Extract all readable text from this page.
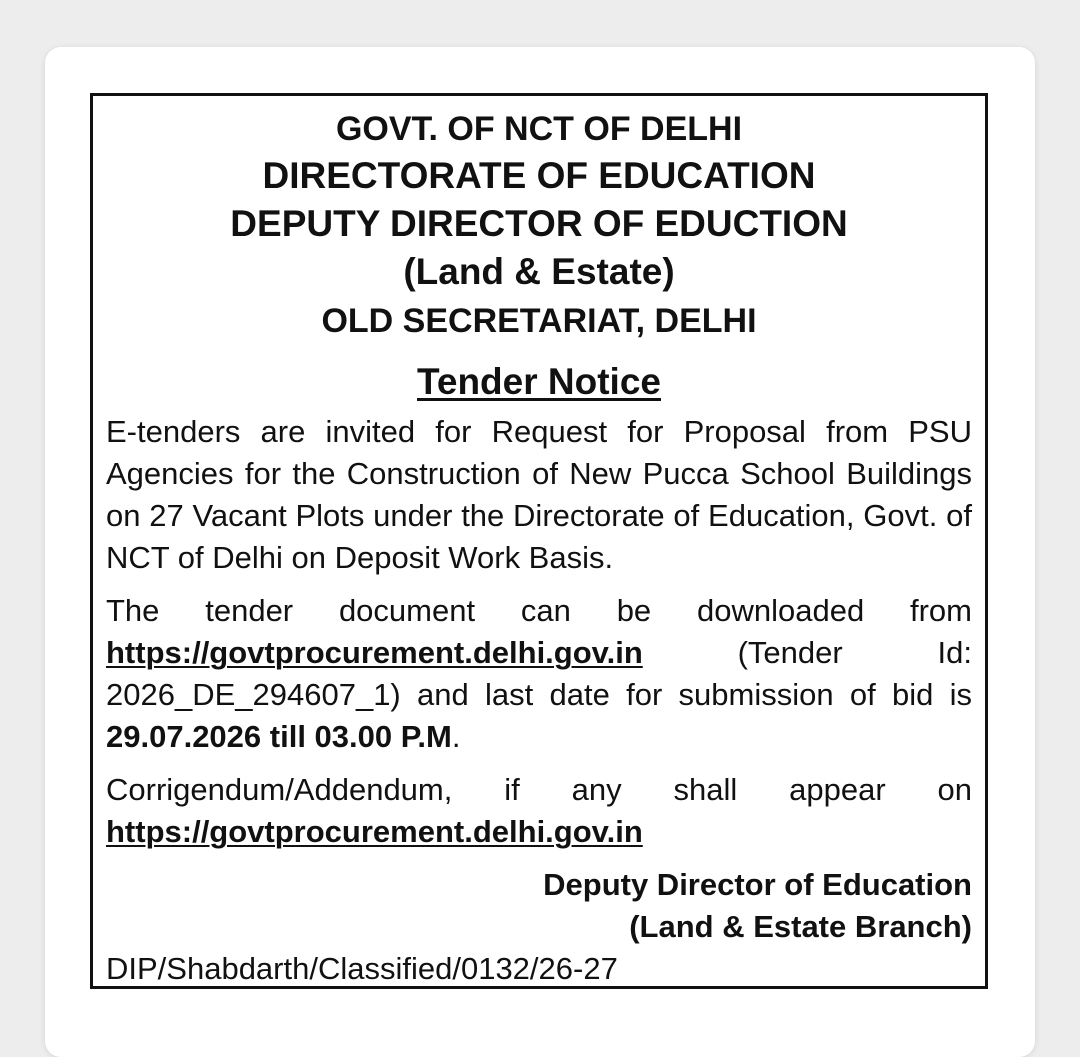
GOVT. OF NCT OF DELHI
DIRECTORATE OF EDUCATION
DEPUTY DIRECTOR OF EDUCTION
(Land & Estate)
OLD SECRETARIAT, DELHI
Tender Notice

E-tenders are invited for Request for Proposal from PSU Agencies for the Construction of New Pucca School Buildings on 27 Vacant Plots under the Directorate of Education, Govt. of NCT of Delhi on Deposit Work Basis.

The tender document can be downloaded from https://govtprocurement.delhi.gov.in (Tender Id: 2026_DE_294607_1) and last date for submission of bid is 29.07.2026 till 03.00 P.M.

Corrigendum/Addendum, if any shall appear on https://govtprocurement.delhi.gov.in

Deputy Director of Education
(Land & Estate Branch)
DIP/Shabdarth/Classified/0132/26-27
